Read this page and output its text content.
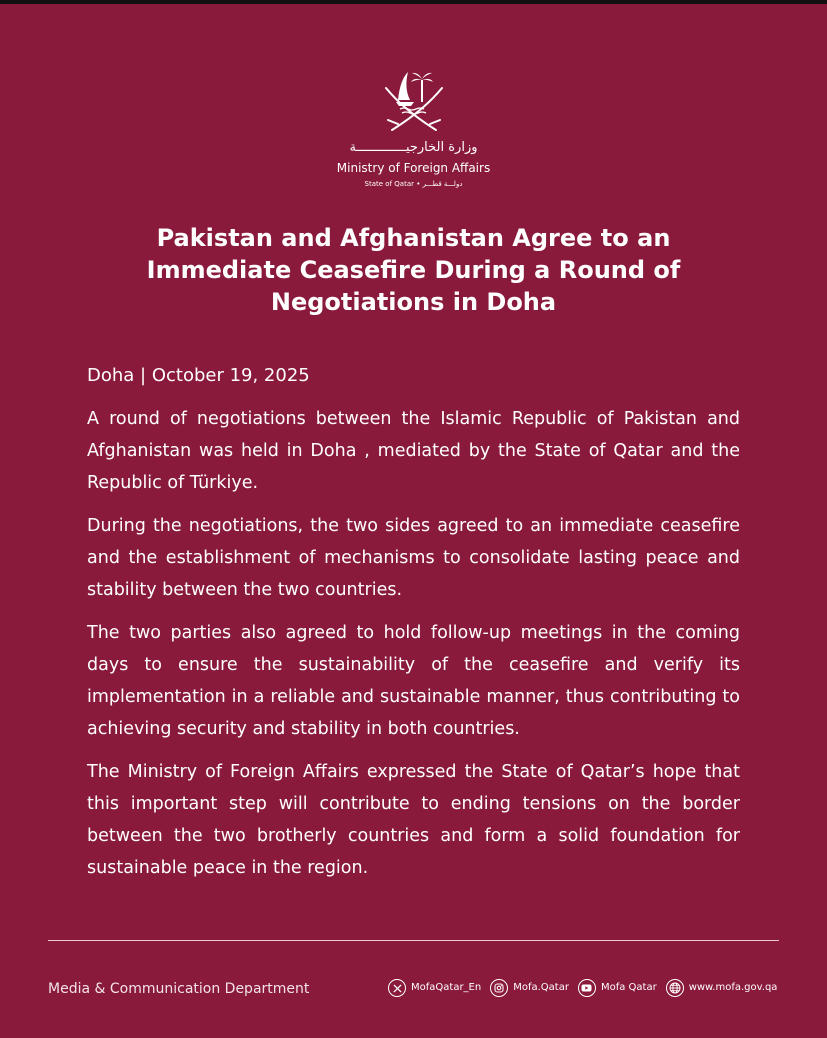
وزارة الخارجيـــــــــــــة
Ministry of Foreign Affairs
State of Qatar • دولـــة قطـــر
Pakistan and Afghanistan Agree to an Immediate Ceasefire During a Round of Negotiations in Doha
Doha | October 19, 2025

A round of negotiations between the Islamic Republic of Pakistan and Afghanistan was held in Doha , mediated by the State of Qatar and the Republic of Türkiye.

During the negotiations, the two sides agreed to an immediate ceasefire and the establishment of mechanisms to consolidate lasting peace and stability between the two countries.

The two parties also agreed to hold follow-up meetings in the coming days to ensure the sustainability of the ceasefire and verify its implementation in a reliable and sustainable manner, thus contributing to achieving security and stability in both countries.

The Ministry of Foreign Affairs expressed the State of Qatar’s hope that this important step will contribute to ending tensions on the border between the two brotherly countries and form a solid foundation for sustainable peace in the region.

Media & Communication Department	MofaQatar_En	Mofa.Qatar	Mofa Qatar	www.mofa.gov.qa
